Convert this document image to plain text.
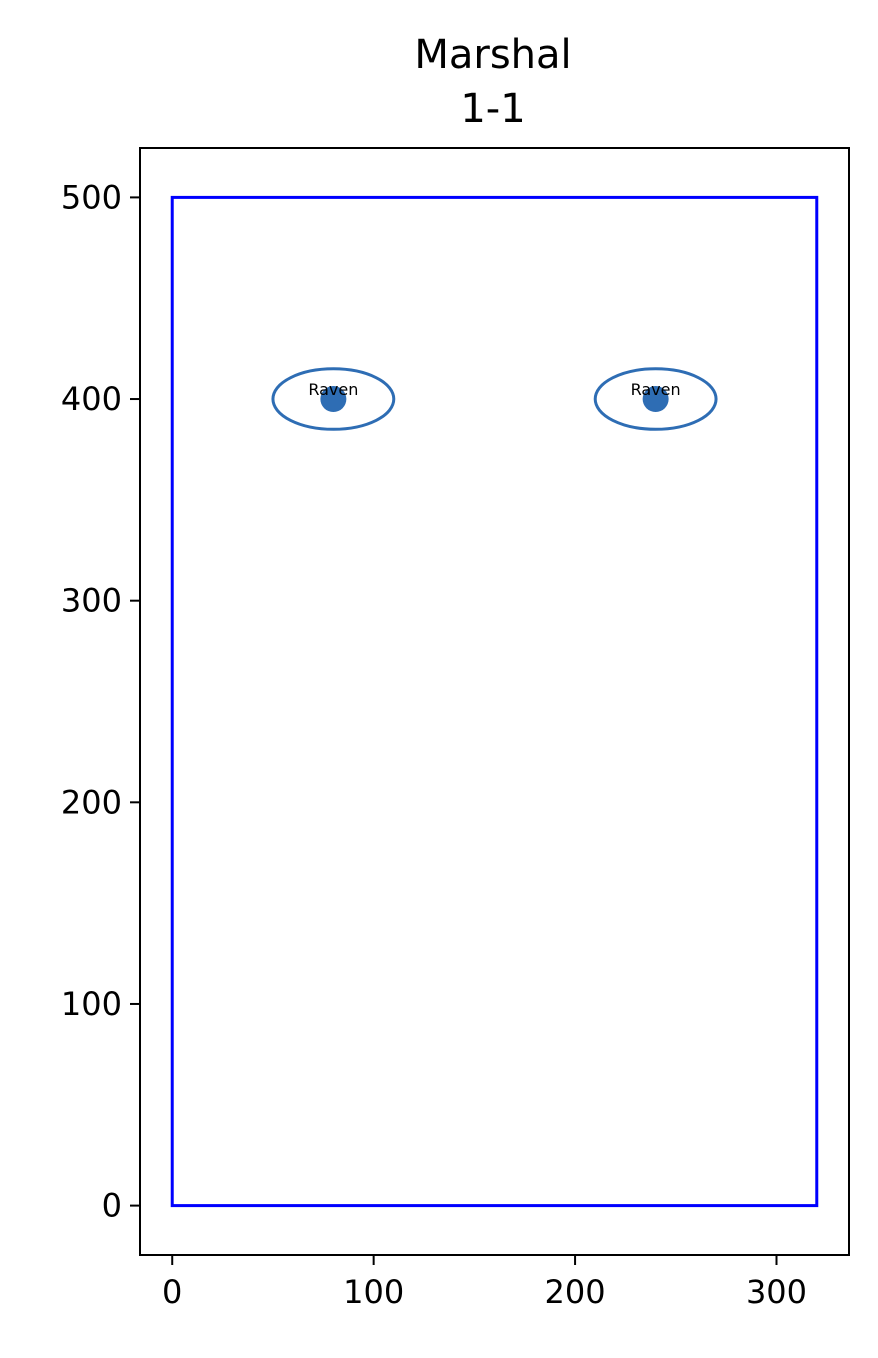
Marshal
1-1
0	100	200	300
0
100
200
300
400
500
Raven	Raven
